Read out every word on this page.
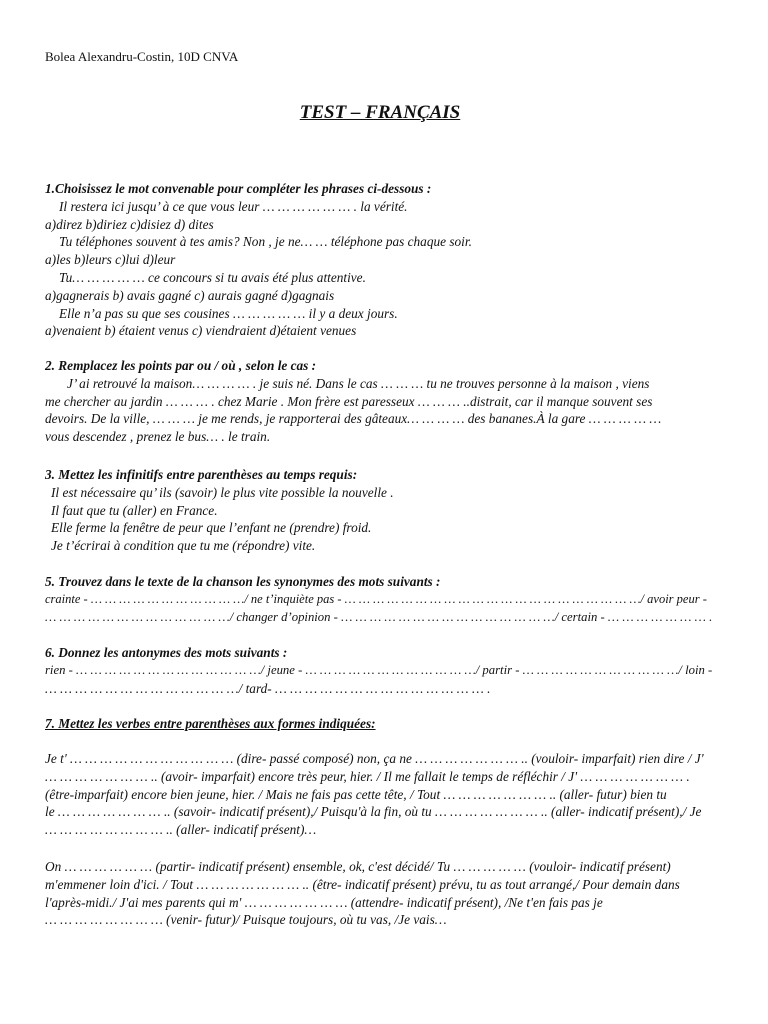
Bolea Alexandru-Costin, 10D CNVA
TEST – FRANÇAIS
1.Choisissez le mot convenable pour compléter les phrases ci-dessous :
Il restera ici jusqu’ à ce que vous leur … … … … … … . la vérité.
a)direz b)diriez c)disiez d) dites
Tu téléphones souvent à tes amis? Non , je ne… … téléphone pas chaque soir.
a)les b)leurs c)lui d)leur
Tu… … … … … ce concours si tu avais été plus attentive.
a)gagnerais b) avais gagné c) aurais gagné d)gagnais
Elle n’a pas su que ses cousines … … … … … il y a deux jours.
a)venaient b) étaient venus c) viendraient d)étaient venues
2. Remplacez les points par ou / où , selon le cas :
J’ ai retrouvé la maison… … … … . je suis né. Dans le cas … … … tu ne trouves personne à la maison , viens
me chercher au jardin … … … . chez Marie . Mon frère est paresseux … … … ..distrait, car il manque souvent ses
devoirs. De la ville, … … … je me rends, je rapporterai des gâteaux… … … … des bananes.À la gare … … … … …
vous descendez , prenez le bus… . le train.
3. Mettez les infinitifs entre parenthèses au temps requis:
Il est nécessaire qu’ ils (savoir) le plus vite possible la nouvelle .
Il faut que tu (aller) en France.
Elle ferme la fenêtre de peur que l’enfant ne (prendre) froid.
Je t’écrirai à condition que tu me (répondre) vite.
5. Trouvez dans le texte de la chanson les synonymes des mots suivants :
crainte - … … … … … … … … … … …/ ne t’inquiète pas - … … … … … … … … … … … … … … … … … … … … …/ avoir peur -
… … … … … … … … … … … … …/ changer d’opinion - … … … … … … … … … … … … … … …/ certain - … … … … … … … .
6. Donnez les antonymes des mots suivants :
rien - … … … … … … … … … … … … …/ jeune - … … … … … … … … … … … …/ partir - … … … … … … … … … … …/ loin -
… … … … … … … … … … … … …/ tard- … … … … … … … … … … … … … … .
7. Mettez les verbes entre parenthèses aux formes indiquées:
Je t' … … … … … … … … … … … (dire- passé composé) non, ça ne … … … … … … … .. (vouloir- imparfait) rien dire / J'
… … … … … … … .. (avoir- imparfait) encore très peur, hier. / Il me fallait le temps de réfléchir / J' … … … … … … … .
(être-imparfait) encore bien jeune, hier. / Mais ne fais pas cette tête, / Tout … … … … … … … .. (aller- futur) bien tu
le … … … … … … … .. (savoir- indicatif présent),/ Puisqu'à la fin, où tu … … … … … … … .. (aller- indicatif présent),/ Je
… … … … … … … … .. (aller- indicatif présent)…
On … … … … … … (partir- indicatif présent) ensemble, ok, c'est décidé/ Tu … … … … … (vouloir- indicatif présent)
m'emmener loin d'ici. / Tout … … … … … … … .. (être- indicatif présent) prévu, tu as tout arrangé,/ Pour demain dans
l'après-midi./ J'ai mes parents qui m' … … … … … … … (attendre- indicatif présent), /Ne t'en fais pas je
… … … … … … … … (venir- futur)/ Puisque toujours, où tu vas, /Je vais…
